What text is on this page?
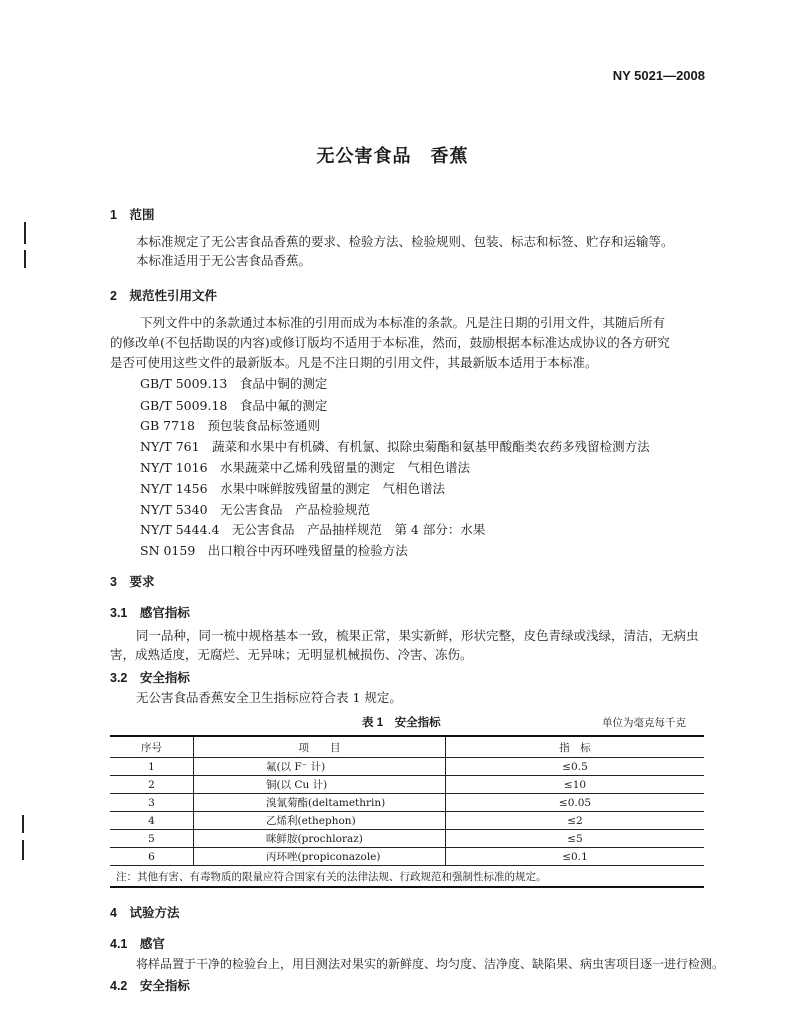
NY 5021—2008
无公害食品　香蕉
1　范围
本标准规定了无公害食品香蕉的要求、检验方法、检验规则、包装、标志和标签、贮存和运输等。
本标准适用于无公害食品香蕉。
2　规范性引用文件
下列文件中的条款通过本标准的引用而成为本标准的条款。凡是注日期的引用文件，其随后所有
的修改单(不包括勘误的内容)或修订版均不适用于本标准，然而，鼓励根据本标准达成协议的各方研究
是否可使用这些文件的最新版本。凡是不注日期的引用文件，其最新版本适用于本标准。
GB/T 5009.13　食品中铜的测定
GB/T 5009.18　食品中氟的测定
GB 7718　预包装食品标签通则
NY/T 761　蔬菜和水果中有机磷、有机氯、拟除虫菊酯和氨基甲酸酯类农药多残留检测方法
NY/T 1016　水果蔬菜中乙烯利残留量的测定　气相色谱法
NY/T 1456　水果中咪鲜胺残留量的测定　气相色谱法
NY/T 5340　无公害食品　产品检验规范
NY/T 5444.4　无公害食品　产品抽样规范　第 4 部分：水果
SN 0159　出口粮谷中丙环唑残留量的检验方法
3　要求
3.1　感官指标
同一品种，同一梳中规格基本一致，梳果正常，果实新鲜，形状完整，皮色青绿或浅绿，清洁，无病虫
害，成熟适度，无腐烂、无异味；无明显机械损伤、冷害、冻伤。
3.2　安全指标
无公害食品香蕉安全卫生指标应符合表 1 规定。
表 1　安全指标	单位为毫克每千克
序号	项　　目	指　标
1	氟(以 F⁻ 计)	≤0.5
2	铜(以 Cu 计)	≤10
3	溴氰菊酯(deltamethrin)	≤0.05
4	乙烯利(ethephon)	≤2
5	咪鲜胺(prochloraz)	≤5
6	丙环唑(propiconazole)	≤0.1
注：其他有害、有毒物质的限量应符合国家有关的法律法规、行政规范和强制性标准的规定。		
4　试验方法
4.1　感官
将样品置于干净的检验台上，用目测法对果实的新鲜度、均匀度、洁净度、缺陷果、病虫害项目逐一进行检测。
4.2　安全指标
